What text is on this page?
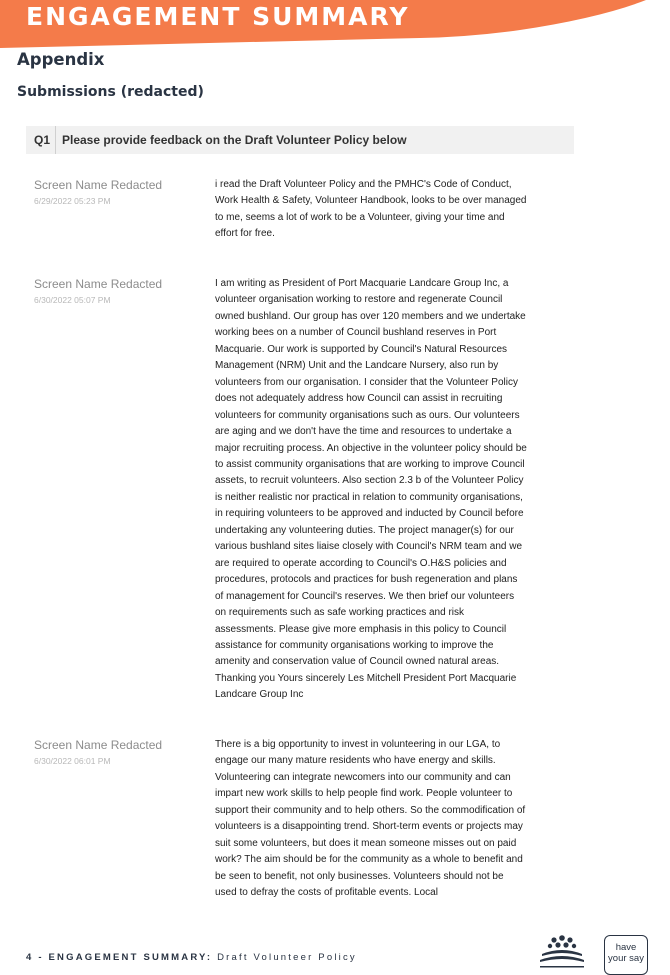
ENGAGEMENT SUMMARY
Appendix
Submissions (redacted)
Q1 Please provide feedback on the Draft Volunteer Policy below
Screen Name Redacted
6/29/2022 05:23 PM
i read the Draft Volunteer Policy and the PMHC's Code of Conduct, Work Health & Safety, Volunteer Handbook, looks to be over managed to me, seems a lot of work to be a Volunteer, giving your time and effort for free.
Screen Name Redacted
6/30/2022 05:07 PM
I am writing as President of Port Macquarie Landcare Group Inc, a volunteer organisation working to restore and regenerate Council owned bushland. Our group has over 120 members and we undertake working bees on a number of Council bushland reserves in Port Macquarie. Our work is supported by Council's Natural Resources Management (NRM) Unit and the Landcare Nursery, also run by volunteers from our organisation. I consider that the Volunteer Policy does not adequately address how Council can assist in recruiting volunteers for community organisations such as ours. Our volunteers are aging and we don't have the time and resources to undertake a major recruiting process. An objective in the volunteer policy should be to assist community organisations that are working to improve Council assets, to recruit volunteers. Also section 2.3 b of the Volunteer Policy is neither realistic nor practical in relation to community organisations, in requiring volunteers to be approved and inducted by Council before undertaking any volunteering duties. The project manager(s) for our various bushland sites liaise closely with Council's NRM team and we are required to operate according to Council's O.H&S policies and procedures, protocols and practices for bush regeneration and plans of management for Council's reserves. We then brief our volunteers on requirements such as safe working practices and risk assessments. Please give more emphasis in this policy to Council assistance for community organisations working to improve the amenity and conservation value of Council owned natural areas. Thanking you Yours sincerely Les Mitchell President Port Macquarie Landcare Group Inc
Screen Name Redacted
6/30/2022 06:01 PM
There is a big opportunity to invest in volunteering in our LGA, to engage our many mature residents who have energy and skills. Volunteering can integrate newcomers into our community and can impart new work skills to help people find work. People volunteer to support their community and to help others. So the commodification of volunteers is a disappointing trend. Short-term events or projects may suit some volunteers, but does it mean someone misses out on paid work? The aim should be for the community as a whole to benefit and be seen to benefit, not only businesses. Volunteers should not be used to defray the costs of profitable events. Local
4 - ENGAGEMENT SUMMARY: Draft Volunteer Policy
have
your say
